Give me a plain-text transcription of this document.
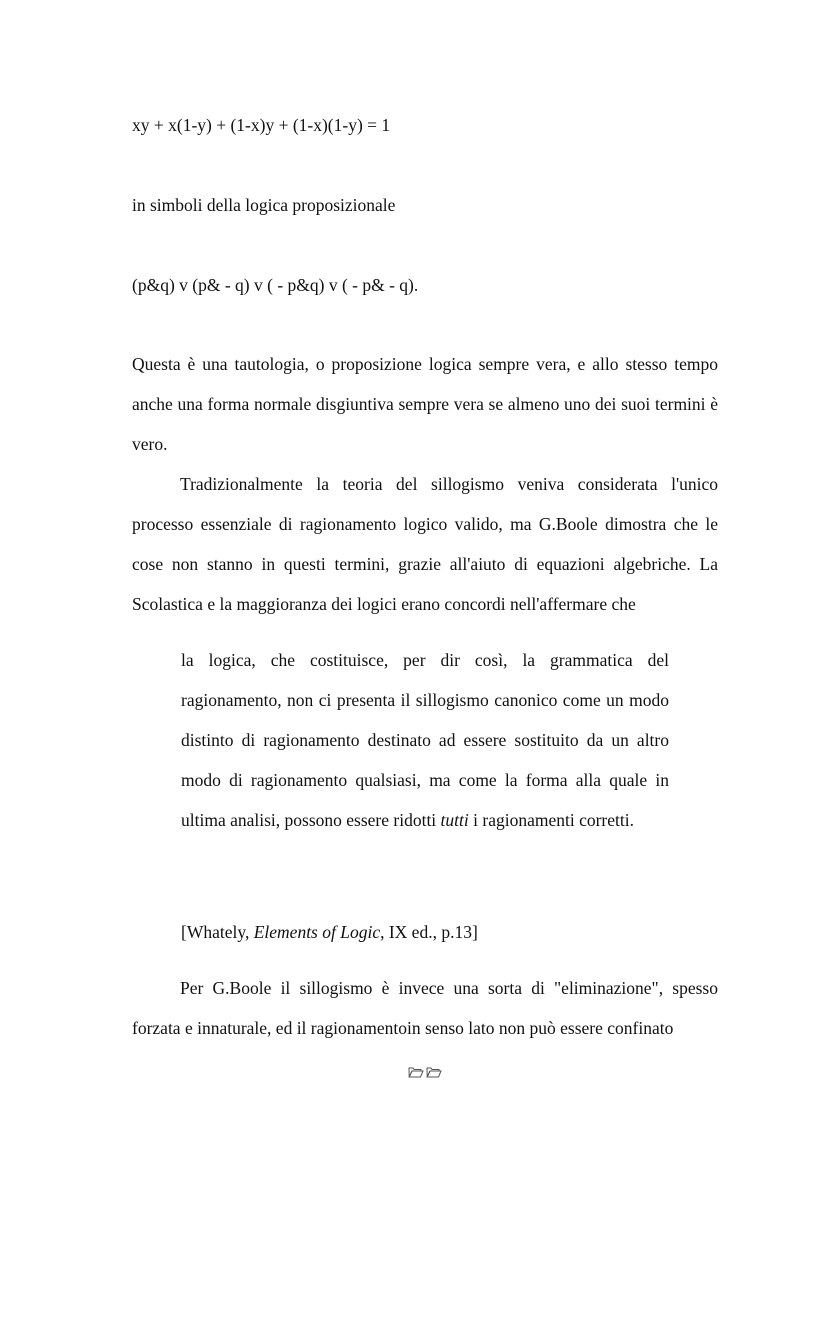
xy + x(1-y) + (1-x)y + (1-x)(1-y) = 1
in simboli della logica proposizionale
(p&q) v (p& - q) v ( - p&q) v ( - p& - q).

Questa è una tautologia, o proposizione logica sempre vera, e allo stesso tempo anche una forma normale disgiuntiva sempre vera se almeno uno dei suoi termini è vero.

Tradizionalmente la teoria del sillogismo veniva considerata l'unico processo essenziale di ragionamento logico valido, ma G.Boole dimostra che le cose non stanno in questi termini, grazie all'aiuto di equazioni algebriche. La Scolastica e la maggioranza dei logici erano concordi nell'affermare che

la logica, che costituisce, per dir così, la grammatica del ragionamento, non ci presenta il sillogismo canonico come un modo distinto di ragionamento destinato ad essere sostituito da un altro modo di ragionamento qualsiasi, ma come la forma alla quale in ultima analisi, possono essere ridotti tutti i ragionamenti corretti.

[Whately, Elements of Logic, IX ed., p.13]

Per G.Boole il sillogismo è invece una sorta di "eliminazione", spesso forzata e innaturale, ed il ragionamentoin senso lato non può essere confinato
